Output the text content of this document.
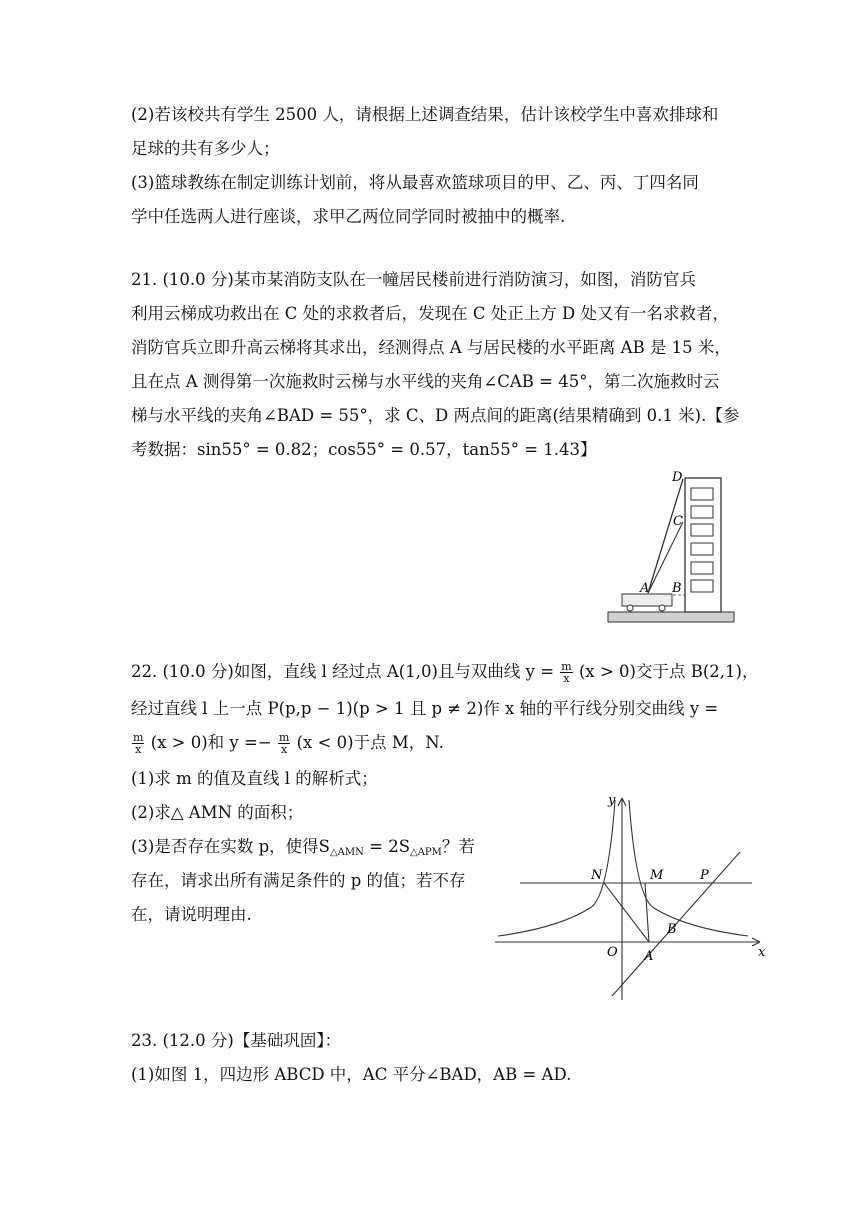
(2)若该校共有学生 2500 人，请根据上述调查结果，估计该校学生中喜欢排球和
足球的共有多少人；
(3)篮球教练在制定训练计划前，将从最喜欢篮球项目的甲、乙、丙、丁四名同
学中任选两人进行座谈，求甲乙两位同学同时被抽中的概率.
21. (10.0 分)某市某消防支队在一幢居民楼前进行消防演习，如图，消防官兵
利用云梯成功救出在 C 处的求救者后，发现在 C 处正上方 D 处又有一名求救者，
消防官兵立即升高云梯将其求出，经测得点 A 与居民楼的水平距离 AB 是 15 米，
且在点 A 测得第一次施救时云梯与水平线的夹角∠CAB = 45°，第二次施救时云
梯与水平线的夹角∠BAD = 55°，求 C、D 两点间的距离(结果精确到 0.1 米).【参
考数据：sin55° = 0.82；cos55° = 0.57，tan55° = 1.43】
D
C
A B
22. (10.0 分)如图，直线 l 经过点 A(1,0)且与双曲线 $y = \frac{m}{x} (x > 0)$交于点 B(2,1)，
经过直线 l 上一点 P(p,p − 1)(p > 1 且 p ≠ 2)作 x 轴的平行线分别交曲线 y =
$\frac{m}{x} (x > 0)$和 $y =- \frac{m}{x} (x < 0)$于点 M，N.
(1)求 m 的值及直线 l 的解析式；
(2)求△ AMN 的面积；
(3)是否存在实数 p，使得$S_{\triangle AMN} = 2S_{\triangle APM}$？若
存在，请求出所有满足条件的 p 的值；若不存
在，请说明理由.
y
x
N	M	P
B
O A
23. (12.0 分)【基础巩固】：
(1)如图 1，四边形 ABCD 中，AC 平分∠BAD，AB = AD.
